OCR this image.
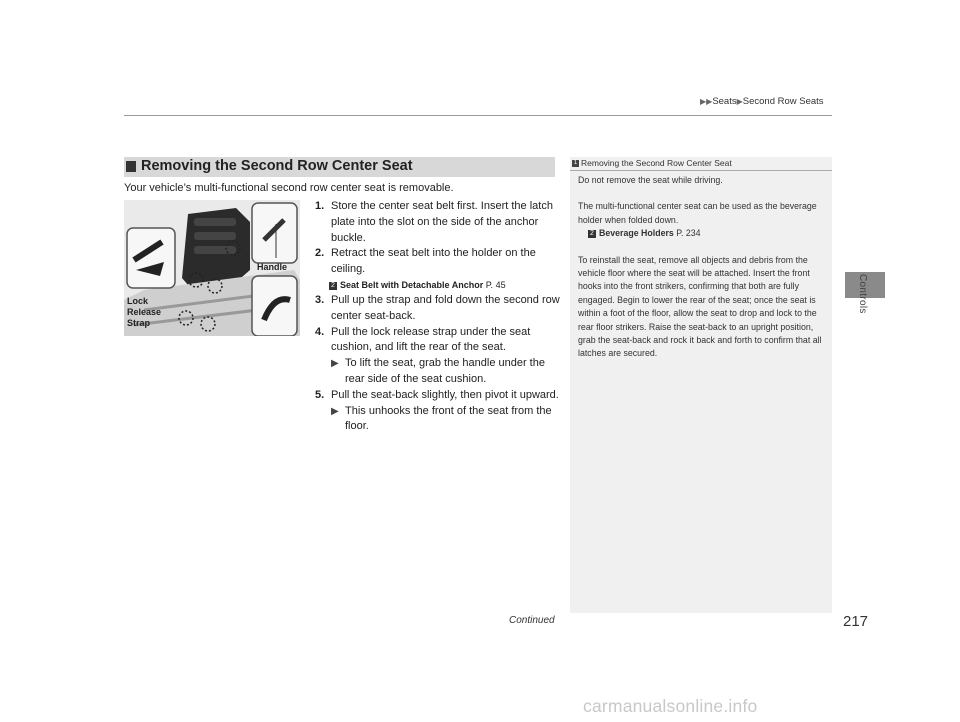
▶▶Seats▶Second Row Seats
Controls
Removing the Second Row Center Seat
Your vehicle’s multi-functional second row center seat is removable.
Handle
Lock
Release
Strap
1. Store the center seat belt first. Insert the latch plate into the slot on the side of the anchor buckle.
2. Retract the seat belt into the holder on the ceiling.
2 Seat Belt with Detachable Anchor P. 45
3. Pull up the strap and fold down the second row center seat-back.
4. Pull the lock release strap under the seat cushion, and lift the rear of the seat.
▶ To lift the seat, grab the handle under the rear side of the seat cushion.
5. Pull the seat-back slightly, then pivot it upward.
▶ This unhooks the front of the seat from the floor.
1 Removing the Second Row Center Seat

Do not remove the seat while driving.

The multi-functional center seat can be used as the beverage holder when folded down.

2 Beverage Holders P. 234

To reinstall the seat, remove all objects and debris from the vehicle floor where the seat will be attached. Insert the front hooks into the front strikers, confirming that both are fully engaged. Begin to lower the rear of the seat; once the seat is within a foot of the floor, allow the seat to drop and lock to the rear floor strikers. Raise the seat-back to an upright position, grab the seat-back and rock it back and forth to confirm that all latches are secured.

Continued	217
carmanualsonline.info
